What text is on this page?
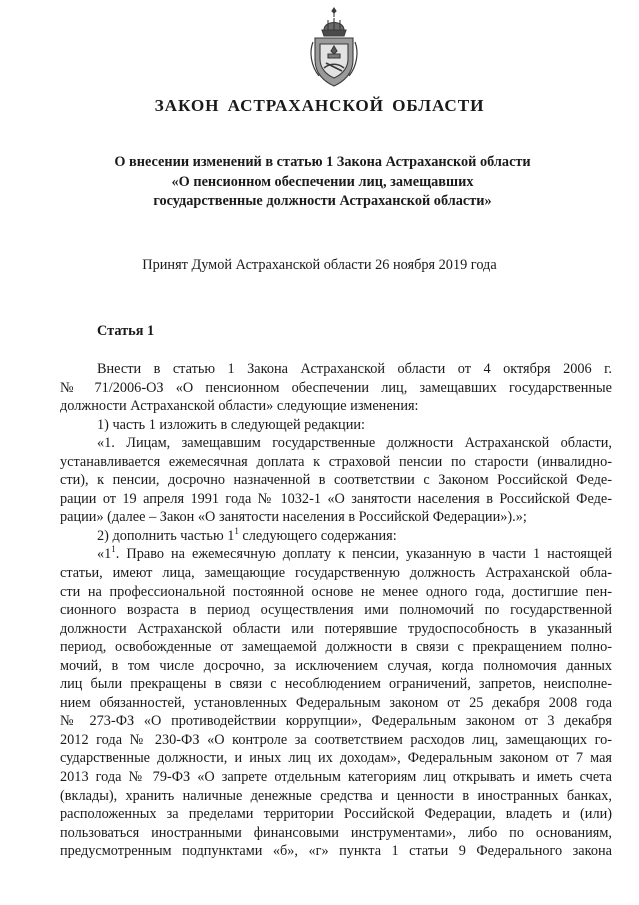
ЗАКОН АСТРАХАНСКОЙ ОБЛАСТИ
О внесении изменений в статью 1 Закона Астраханской области
«О пенсионном обеспечении лиц, замещавших
государственные должности Астраханской области»
Принят Думой Астраханской области 26 ноября 2019 года
Статья 1
Внести в статью 1 Закона Астраханской области от 4 октября 2006 г.
№ 71/2006-ОЗ «О пенсионном обеспечении лиц, замещавших государственные
должности Астраханской области» следующие изменения:
1) часть 1 изложить в следующей редакции:
«1. Лицам, замещавшим государственные должности Астраханской области,
устанавливается ежемесячная доплата к страховой пенсии по старости (инвалидно-
сти), к пенсии, досрочно назначенной в соответствии с Законом Российской Феде-
рации от 19 апреля 1991 года № 1032-1 «О занятости населения в Российской Феде-
рации» (далее – Закон «О занятости населения в Российской Федерации»).»;
2) дополнить частью $1^1$ следующего содержания:
«$1^1$. Право на ежемесячную доплату к пенсии, указанную в части 1 настоящей
статьи, имеют лица, замещающие государственную должность Астраханской обла-
сти на профессиональной постоянной основе не менее одного года, достигшие пен-
сионного возраста в период осуществления ими полномочий по государственной
должности Астраханской области или потерявшие трудоспособность в указанный
период, освобожденные от замещаемой должности в связи с прекращением полно-
мочий, в том числе досрочно, за исключением случая, когда полномочия данных
лиц были прекращены в связи с несоблюдением ограничений, запретов, неисполне-
нием обязанностей, установленных Федеральным законом от 25 декабря 2008 года
№ 273-ФЗ «О противодействии коррупции», Федеральным законом от 3 декабря
2012 года № 230-ФЗ «О контроле за соответствием расходов лиц, замещающих го-
сударственные должности, и иных лиц их доходам», Федеральным законом от 7 мая
2013 года № 79-ФЗ «О запрете отдельным категориям лиц открывать и иметь счета
(вклады), хранить наличные денежные средства и ценности в иностранных банках,
расположенных за пределами территории Российской Федерации, владеть и (или)
пользоваться иностранными финансовыми инструментами», либо по основаниям,
предусмотренным подпунктами «б», «г» пункта 1 статьи 9 Федерального закона
